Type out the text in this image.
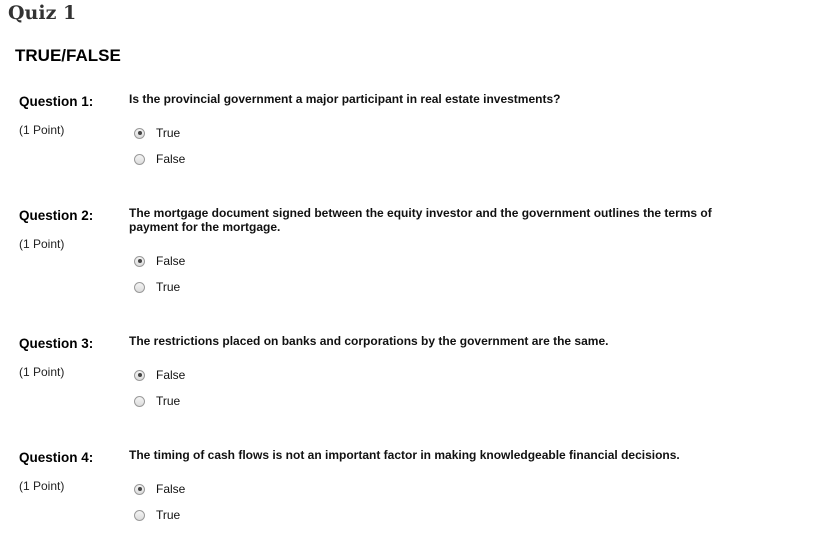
Quiz 1
TRUE/FALSE
Question 1:
(1 Point)
Is the provincial government a major participant in real estate investments?
True
False
Question 2:
(1 Point)
The mortgage document signed between the equity investor and the government outlines the terms of payment for the mortgage.
False
True
Question 3:
(1 Point)
The restrictions placed on banks and corporations by the government are the same.
False
True
Question 4:
(1 Point)
The timing of cash flows is not an important factor in making knowledgeable financial decisions.
False
True
